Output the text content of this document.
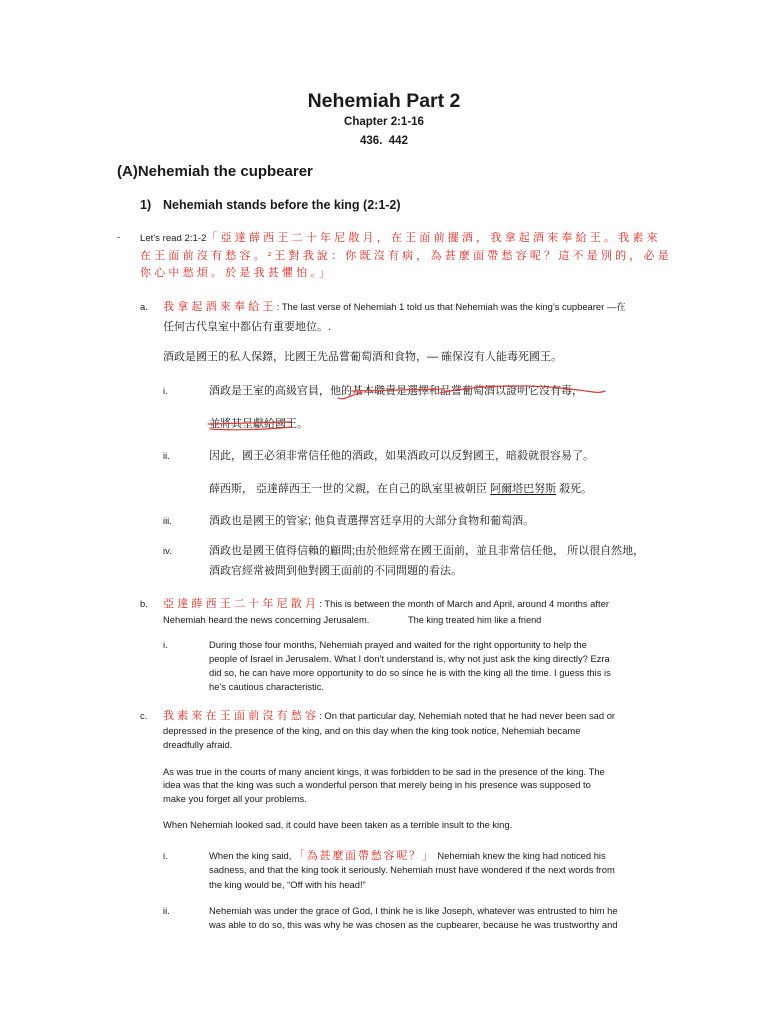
Nehemiah Part 2
Chapter 2:1-16
436.  442
(A)Nehemiah the cupbearer
1) Nehemiah stands before the king (2:1-2)
- Let's read 2:1-2「亞達薛西王二十年尼散月，在王面前擺酒，我拿起酒來奉給王。我素來
在王面前沒有愁容。²王對我說：你既沒有病，為甚麼面帶愁容呢？這不是別的，必是
你心中愁煩。於是我甚懼怕。」
a. 我拿起酒來奉給王: The last verse of Nehemiah 1 told us that Nehemiah was the king’s cupbearer —在
任何古代皇室中都佔有重要地位。.
酒政是國王的私人保鏢，比國王先品嘗葡萄酒和食物，— 確保沒有人能毒死國王。
i.	酒政是王室的高級官員，他的基本職責是選擇和品嘗葡萄酒以證明它沒有毒，
並將其呈獻給國王。
ii.	因此，國王必須非常信任他的酒政，如果酒政可以反對國王，暗殺就很容易了。
薛西斯， 亞達薛西王一世的父親，在自己的臥室里被朝臣 阿爾塔巴努斯 殺死。
iii.	酒政也是國王的管家; 他負責選擇宮廷享用的大部分食物和葡萄酒。
iv.	酒政也是國王值得信賴的顧問;由於他經常在國王面前，並且非常信任他， 所以很自然地，
酒政官經常被問到他對國王面前的不同問題的看法。
b. 亞達薛西王二十年尼散月: This is between the month of March and April, around 4 months after
Nehemiah heard the news concerning Jerusalem.	The king treated him like a friend
i.	During those four months, Nehemiah prayed and waited for the right opportunity to help the
people of Israel in Jerusalem. What I don’t understand is, why not just ask the king directly? Ezra
did so, he can have more opportunity to do so since he is with the king all the time. I guess this is
he’s cautious characteristic.
c. 我素來在王面前沒有愁容: On that particular day, Nehemiah noted that he had never been sad or
depressed in the presence of the king, and on this day when the king took notice, Nehemiah became
dreadfully afraid.
As was true in the courts of many ancient kings, it was forbidden to be sad in the presence of the king. The
idea was that the king was such a wonderful person that merely being in his presence was supposed to
make you forget all your problems.
When Nehemiah looked sad, it could have been taken as a terrible insult to the king.
i.	When the king said, 「為甚麼面帶愁容呢？」 Nehemiah knew the king had noticed his
sadness, and that the king took it seriously. Nehemiah must have wondered if the next words from
the king would be, “Off with his head!”
ii.	Nehemiah was under the grace of God, I think he is like Joseph, whatever was entrusted to him he
was able to do so, this was why he was chosen as the cupbearer, because he was trustworthy and
